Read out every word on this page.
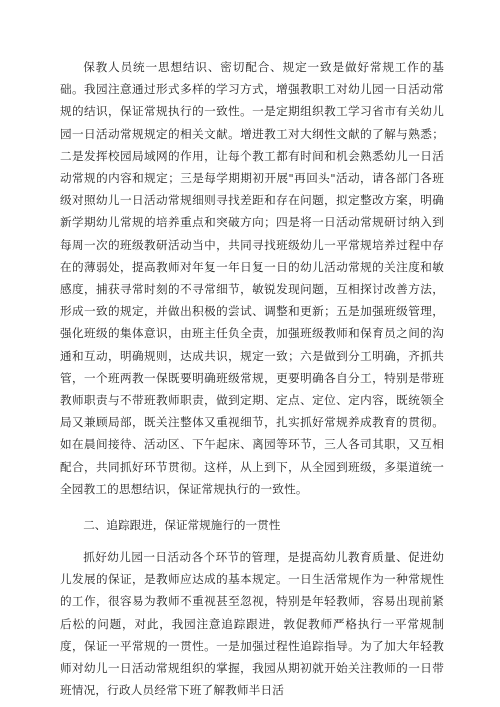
保教人员统一思想结识、密切配合、规定一致是做好常规工作的基础。我园注意通过形式多样的学习方式，增强教职工对幼儿园一日活动常规的结识，保证常规执行的一致性。一是定期组织教工学习省市有关幼儿园一日活动常规规定的相关文献。增进教工对大纲性文献的了解与熟悉；二是发挥校园局域网的作用，让每个教工都有时间和机会熟悉幼儿一日活动常规的内容和规定；三是每学期期初开展"再回头"活动，请各部门各班级对照幼儿一日活动常规细则寻找差距和存在问题，拟定整改方案，明确新学期幼儿常规的培养重点和突破方向；四是将一日活动常规研讨纳入到每周一次的班级教研活动当中，共同寻找班级幼儿一平常规培养过程中存在的薄弱处，提高教师对年复一年日复一日的幼儿活动常规的关注度和敏感度，捕获寻常时刻的不寻常细节，敏锐发现问题，互相探讨改善方法，形成一致的规定，并做出积极的尝试、调整和更新；五是加强班级管理，强化班级的集体意识，由班主任负全责，加强班级教师和保育员之间的沟通和互动，明确规则，达成共识，规定一致；六是做到分工明确，齐抓共管，一个班两教一保既要明确班级常规，更要明确各自分工，特别是带班教师职责与不带班教师职责，做到定期、定点、定位、定内容，既统领全局又兼顾局部，既关注整体又重视细节，扎实抓好常规养成教育的贯彻。如在晨间接待、活动区、下午起床、离园等环节，三人各司其职，又互相配合，共同抓好环节贯彻。这样，从上到下，从全园到班级，多渠道统一全园教工的思想结识，保证常规执行的一致性。

二、追踪跟进，保证常规施行的一贯性

抓好幼儿园一日活动各个环节的管理，是提高幼儿教育质量、促进幼儿发展的保证，是教师应达成的基本规定。一日生活常规作为一种常规性的工作，很容易为教师不重视甚至忽视，特别是年轻教师，容易出现前紧后松的问题，对此，我园注意追踪跟进，敦促教师严格执行一平常规制度，保证一平常规的一贯性。一是加强过程性追踪指导。为了加大年轻教师对幼儿一日活动常规组织的掌握，我园从期初就开始关注教师的一日带班情况，行政人员经常下班了解教师半日活
